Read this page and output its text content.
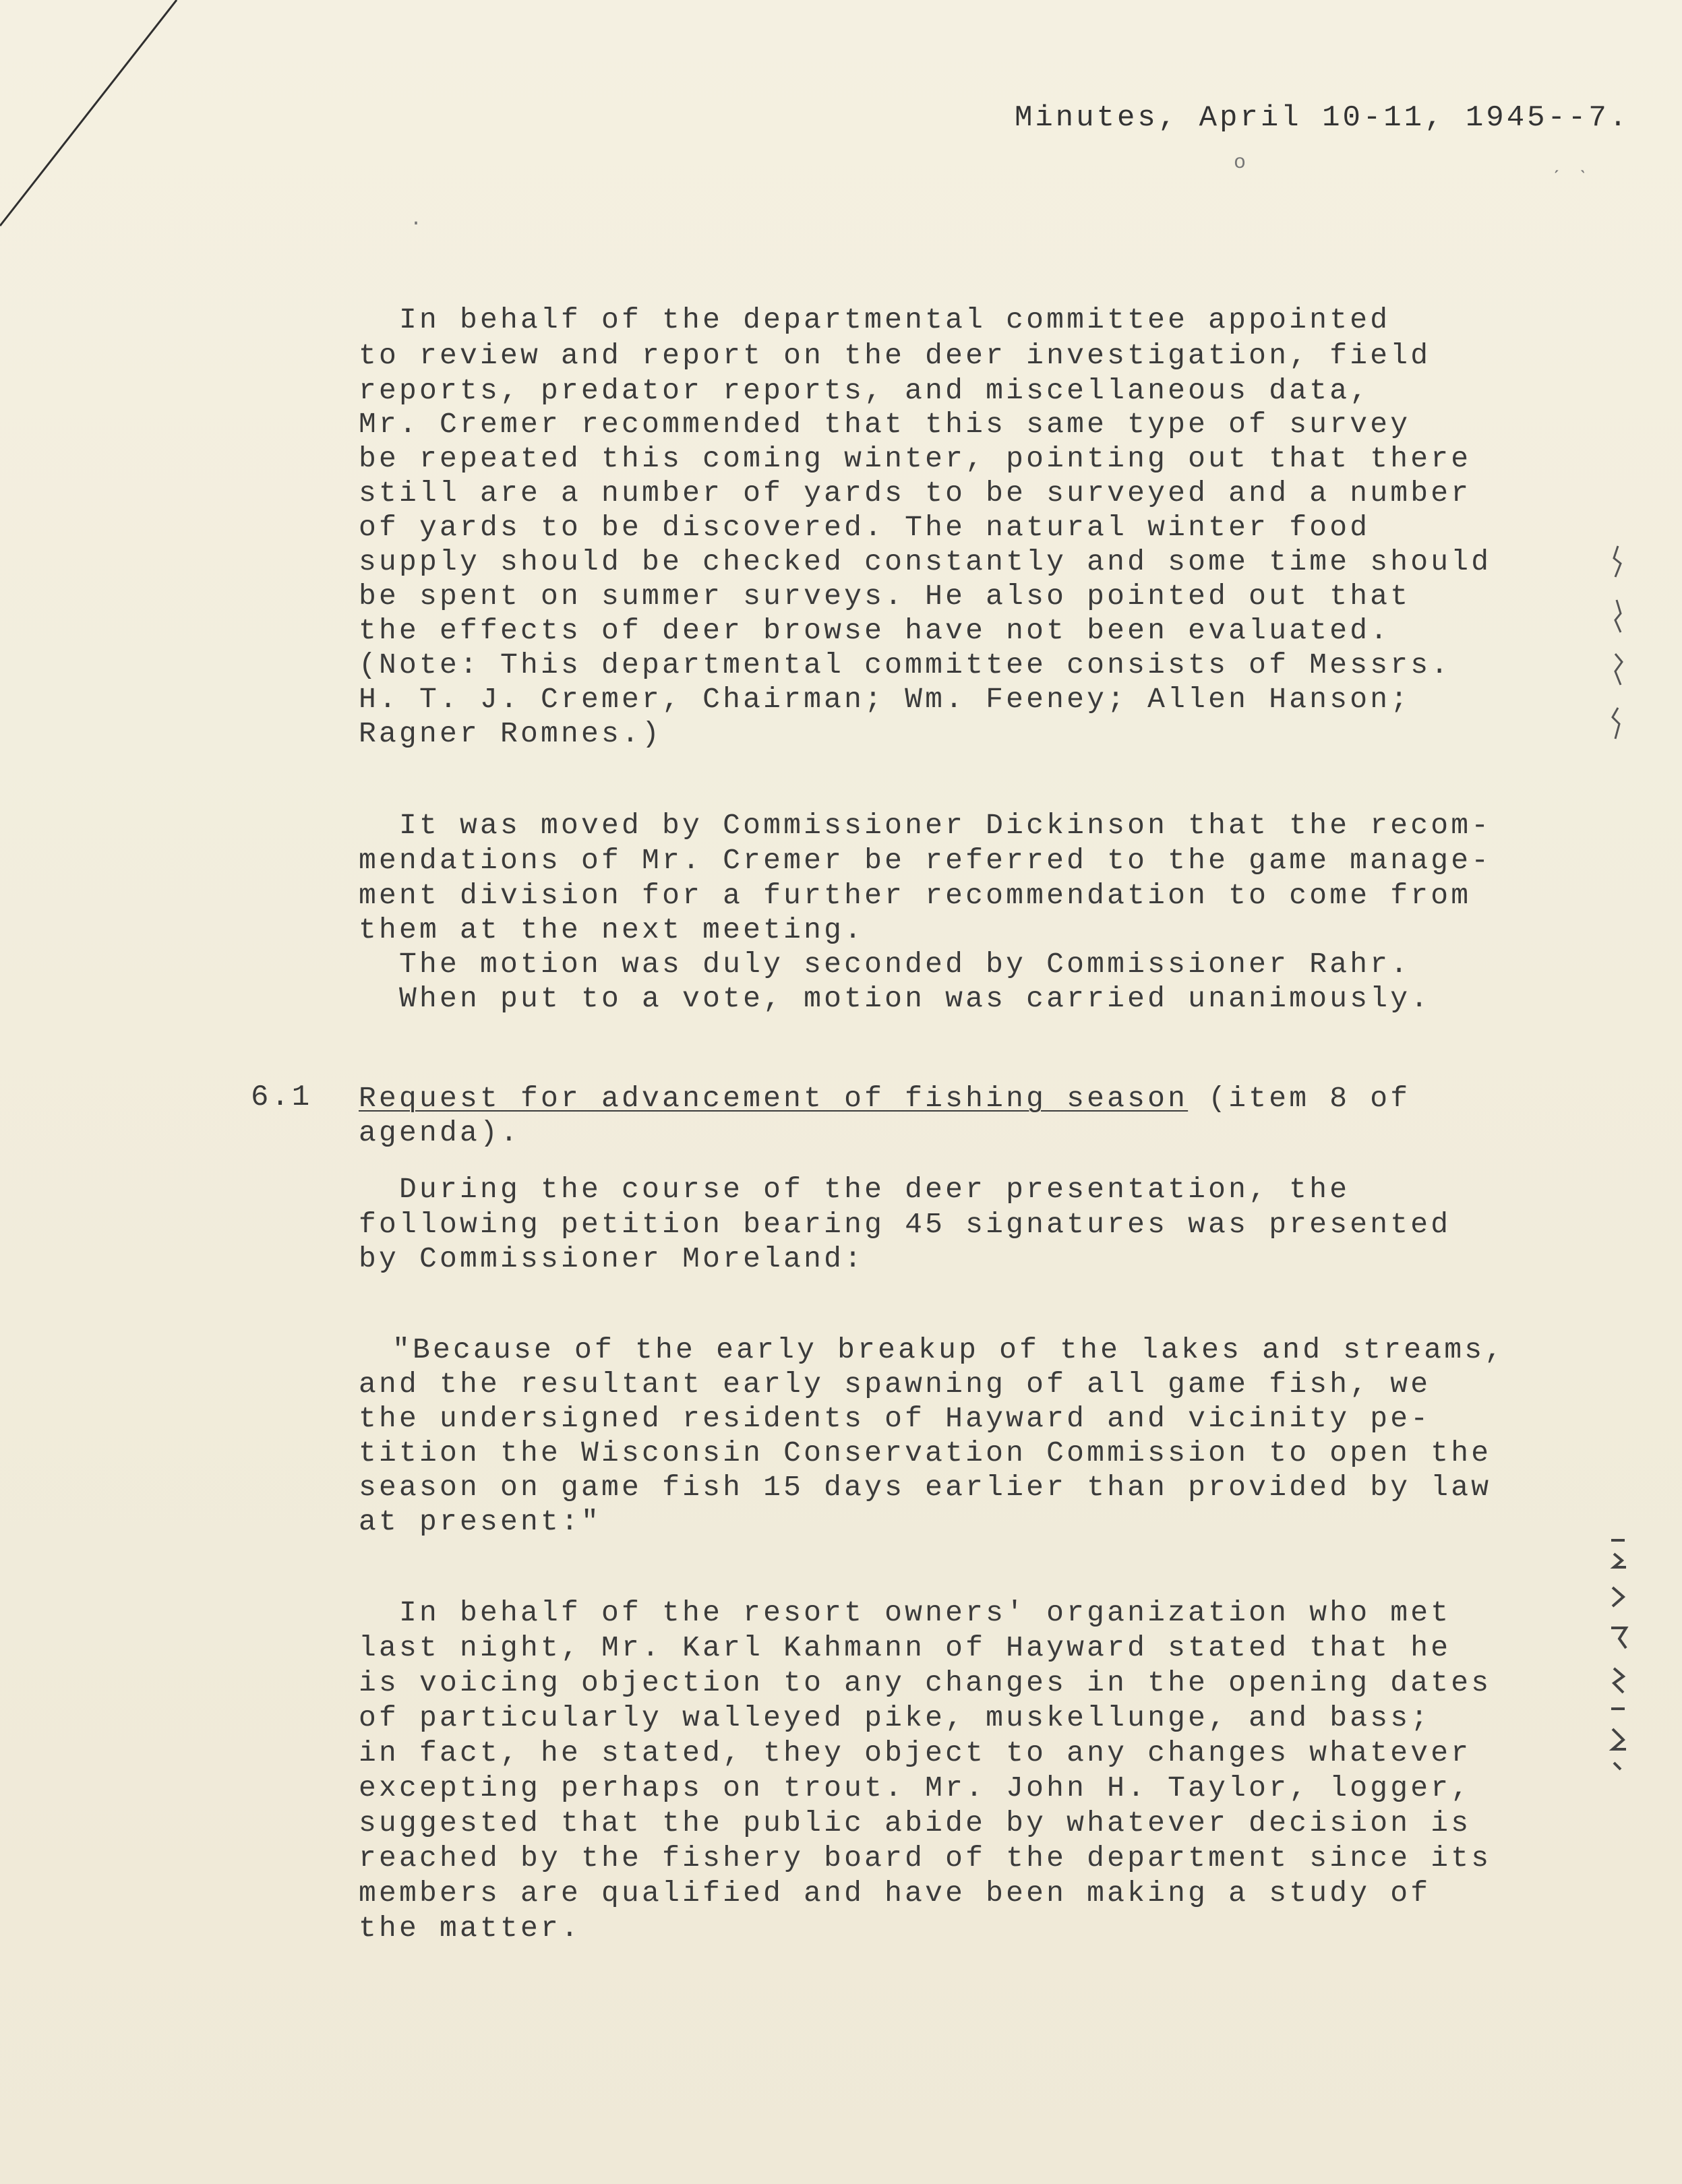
Minutes, April 10-11, 1945--7.
o
ˊ ˋ
·
In behalf of the departmental committee appointed
to review and report on the deer investigation, field
reports, predator reports, and miscellaneous data,
Mr. Cremer recommended that this same type of survey
be repeated this coming winter, pointing out that there
still are a number of yards to be surveyed and a number
of yards to be discovered. The natural winter food
supply should be checked constantly and some time should
be spent on summer surveys. He also pointed out that
the effects of deer browse have not been evaluated.
(Note: This departmental committee consists of Messrs.
H. T. J. Cremer, Chairman; Wm. Feeney; Allen Hanson;
Ragner Romnes.)
It was moved by Commissioner Dickinson that the recom-
mendations of Mr. Cremer be referred to the game manage-
ment division for a further recommendation to come from
them at the next meeting.
The motion was duly seconded by Commissioner Rahr.
When put to a vote, motion was carried unanimously.
6.1 Request for advancement of fishing season (item 8 of
agenda).
During the course of the deer presentation, the
following petition bearing 45 signatures was presented
by Commissioner Moreland:
"Because of the early breakup of the lakes and streams,
and the resultant early spawning of all game fish, we
the undersigned residents of Hayward and vicinity pe-
tition the Wisconsin Conservation Commission to open the
season on game fish 15 days earlier than provided by law
at present:"
In behalf of the resort owners' organization who met
last night, Mr. Karl Kahmann of Hayward stated that he
is voicing objection to any changes in the opening dates
of particularly walleyed pike, muskellunge, and bass;
in fact, he stated, they object to any changes whatever
excepting perhaps on trout. Mr. John H. Taylor, logger,
suggested that the public abide by whatever decision is
reached by the fishery board of the department since its
members are qualified and have been making a study of
the matter.
